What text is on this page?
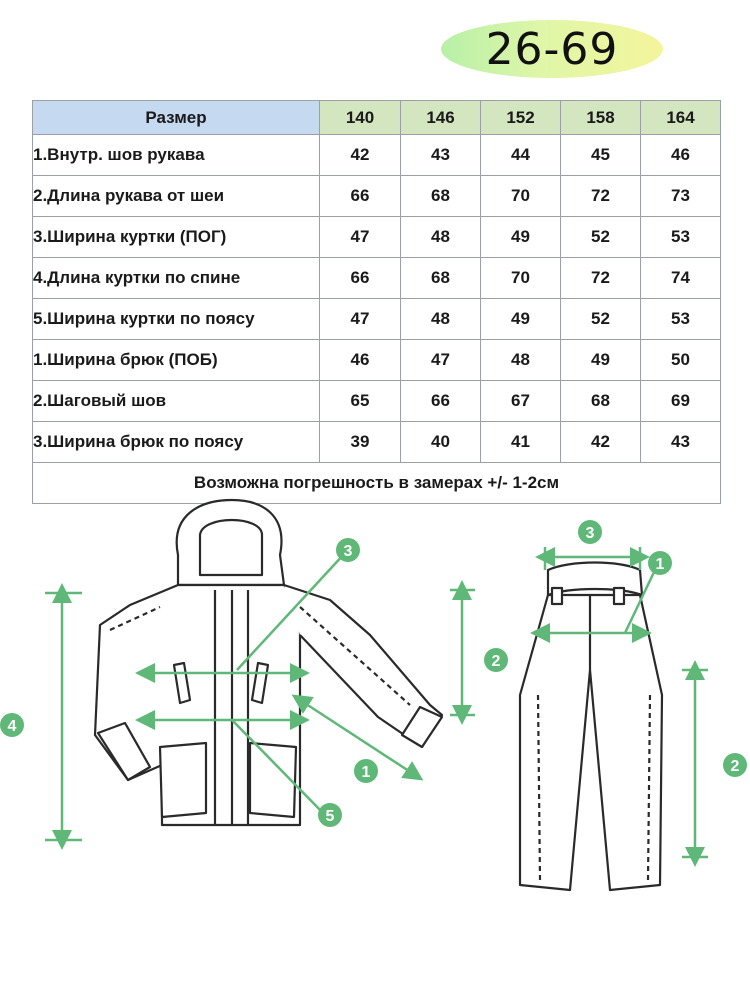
26-69
Размер	140	146	152	158	164
1.Внутр. шов рукава	42	43	44	45	46
2.Длина рукава от шеи	66	68	70	72	73
3.Ширина куртки (ПОГ)	47	48	49	52	53
4.Длина куртки по спине	66	68	70	72	74
5.Ширина куртки по поясу	47	48	49	52	53
1.Ширина брюк (ПОБ)	46	47	48	49	50
2.Шаговый шов	65	66	67	68	69
3.Ширина брюк по поясу	39	40	41	42	43
Возможна погрешность в замерах +/- 1-2см					
3
2
4
1
5
3
1
2
